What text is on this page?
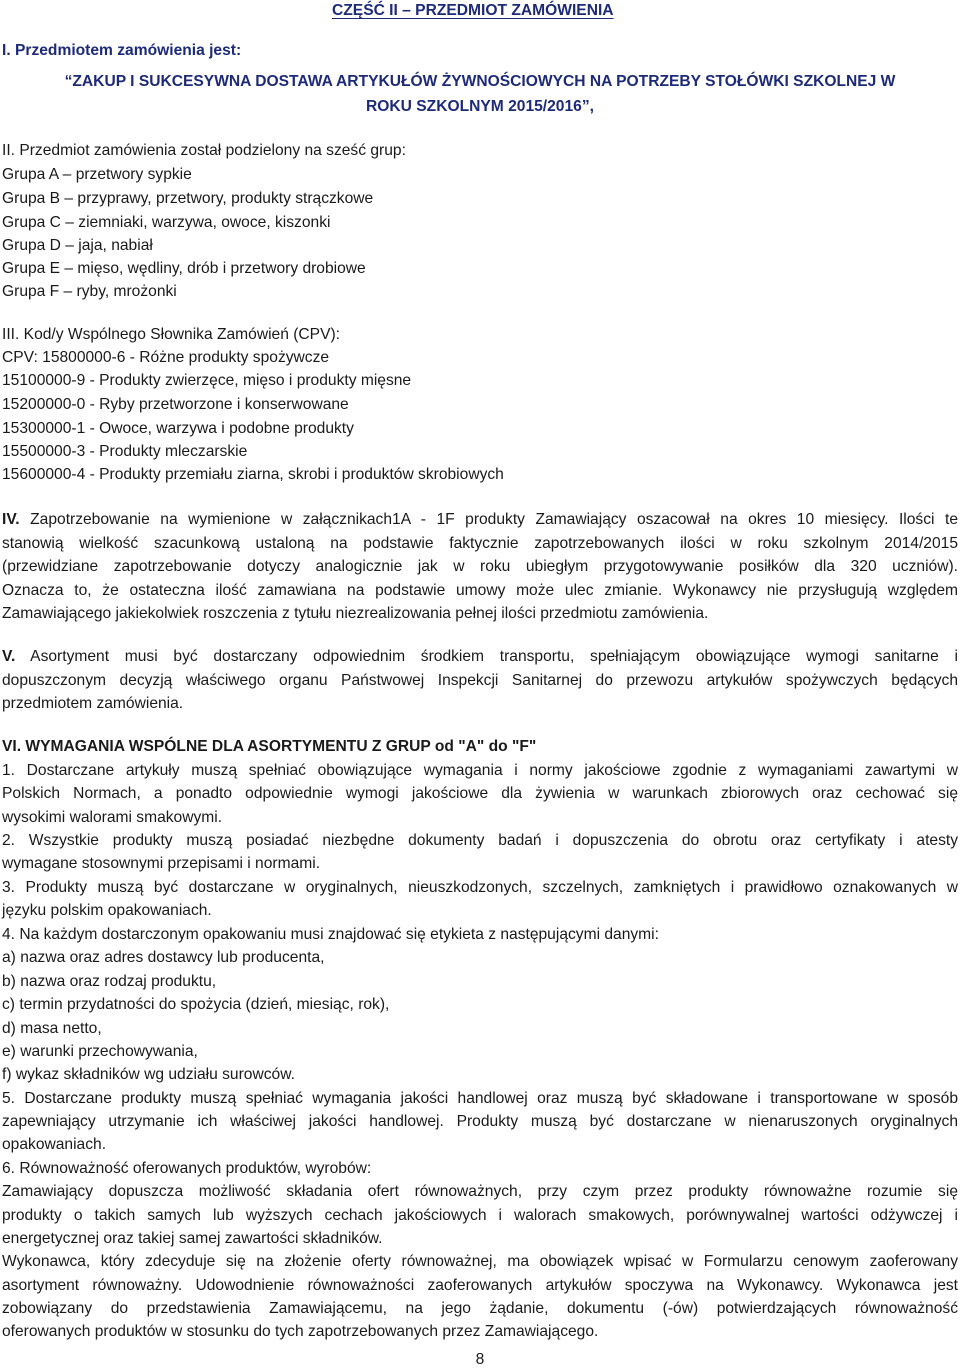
CZĘŚĆ II – PRZEDMIOT ZAMÓWIENIA

I. Przedmiotem zamówienia jest:

“ZAKUP I SUKCESYWNA DOSTAWA ARTYKUŁÓW ŻYWNOŚCIOWYCH NA POTRZEBY STOŁÓWKI SZKOLNEJ W

ROKU SZKOLNYM 2015/2016”,

II. Przedmiot zamówienia został podzielony na sześć grup:

Grupa A – przetwory sypkie

Grupa B – przyprawy, przetwory, produkty strączkowe

Grupa C – ziemniaki, warzywa, owoce, kiszonki

Grupa D – jaja, nabiał

Grupa E – mięso, wędliny, drób i przetwory drobiowe

Grupa F – ryby, mrożonki

III. Kod/y Wspólnego Słownika Zamówień (CPV):

CPV: 15800000-6 - Różne produkty spożywcze

15100000-9 - Produkty zwierzęce, mięso i produkty mięsne

15200000-0 - Ryby przetworzone i konserwowane

15300000-1 - Owoce, warzywa i podobne produkty

15500000-3 - Produkty mleczarskie

15600000-4 - Produkty przemiału ziarna, skrobi i produktów skrobiowych

IV. Zapotrzebowanie na wymienione w załącznikach1A - 1F produkty Zamawiający oszacował na okres 10 miesięcy. Ilości te

stanowią wielkość szacunkową ustaloną na podstawie faktycznie zapotrzebowanych ilości w roku szkolnym 2014/2015

(przewidziane zapotrzebowanie dotyczy analogicznie jak w roku ubiegłym przygotowywanie posiłków dla 320 uczniów).

Oznacza to, że ostateczna ilość zamawiana na podstawie umowy może ulec zmianie. Wykonawcy nie przysługują względem

Zamawiającego jakiekolwiek roszczenia z tytułu niezrealizowania pełnej ilości przedmiotu zamówienia.

V. Asortyment musi być dostarczany odpowiednim środkiem transportu, spełniającym obowiązujące wymogi sanitarne i

dopuszczonym decyzją właściwego organu Państwowej Inspekcji Sanitarnej do przewozu artykułów spożywczych będących

przedmiotem zamówienia.

VI. WYMAGANIA WSPÓLNE DLA ASORTYMENTU Z GRUP od "A" do "F"

1. Dostarczane artykuły muszą spełniać obowiązujące wymagania i normy jakościowe zgodnie z wymaganiami zawartymi w

Polskich Normach, a ponadto odpowiednie wymogi jakościowe dla żywienia w warunkach zbiorowych oraz cechować się

wysokimi walorami smakowymi.

2. Wszystkie produkty muszą posiadać niezbędne dokumenty badań i dopuszczenia do obrotu oraz certyfikaty i atesty

wymagane stosownymi przepisami i normami.

3. Produkty muszą być dostarczane w oryginalnych, nieuszkodzonych, szczelnych, zamkniętych i prawidłowo oznakowanych w

języku polskim opakowaniach.

4. Na każdym dostarczonym opakowaniu musi znajdować się etykieta z następującymi danymi:

a) nazwa oraz adres dostawcy lub producenta,

b) nazwa oraz rodzaj produktu,

c) termin przydatności do spożycia (dzień, miesiąc, rok),

d) masa netto,

e) warunki przechowywania,

f) wykaz składników wg udziału surowców.

5. Dostarczane produkty muszą spełniać wymagania jakości handlowej oraz muszą być składowane i transportowane w sposób

zapewniający utrzymanie ich właściwej jakości handlowej. Produkty muszą być dostarczane w nienaruszonych oryginalnych

opakowaniach.

6. Równoważność oferowanych produktów, wyrobów:

Zamawiający dopuszcza możliwość składania ofert równoważnych, przy czym przez produkty równoważne rozumie się

produkty o takich samych lub wyższych cechach jakościowych i walorach smakowych, porównywalnej wartości odżywczej i

energetycznej oraz takiej samej zawartości składników.

Wykonawca, który zdecyduje się na złożenie oferty równoważnej, ma obowiązek wpisać w Formularzu cenowym zaoferowany

asortyment równoważny. Udowodnienie równoważności zaoferowanych artykułów spoczywa na Wykonawcy. Wykonawca jest

zobowiązany do przedstawienia Zamawiającemu, na jego żądanie, dokumentu (-ów) potwierdzających równoważność

oferowanych produktów w stosunku do tych zapotrzebowanych przez Zamawiającego.

8
